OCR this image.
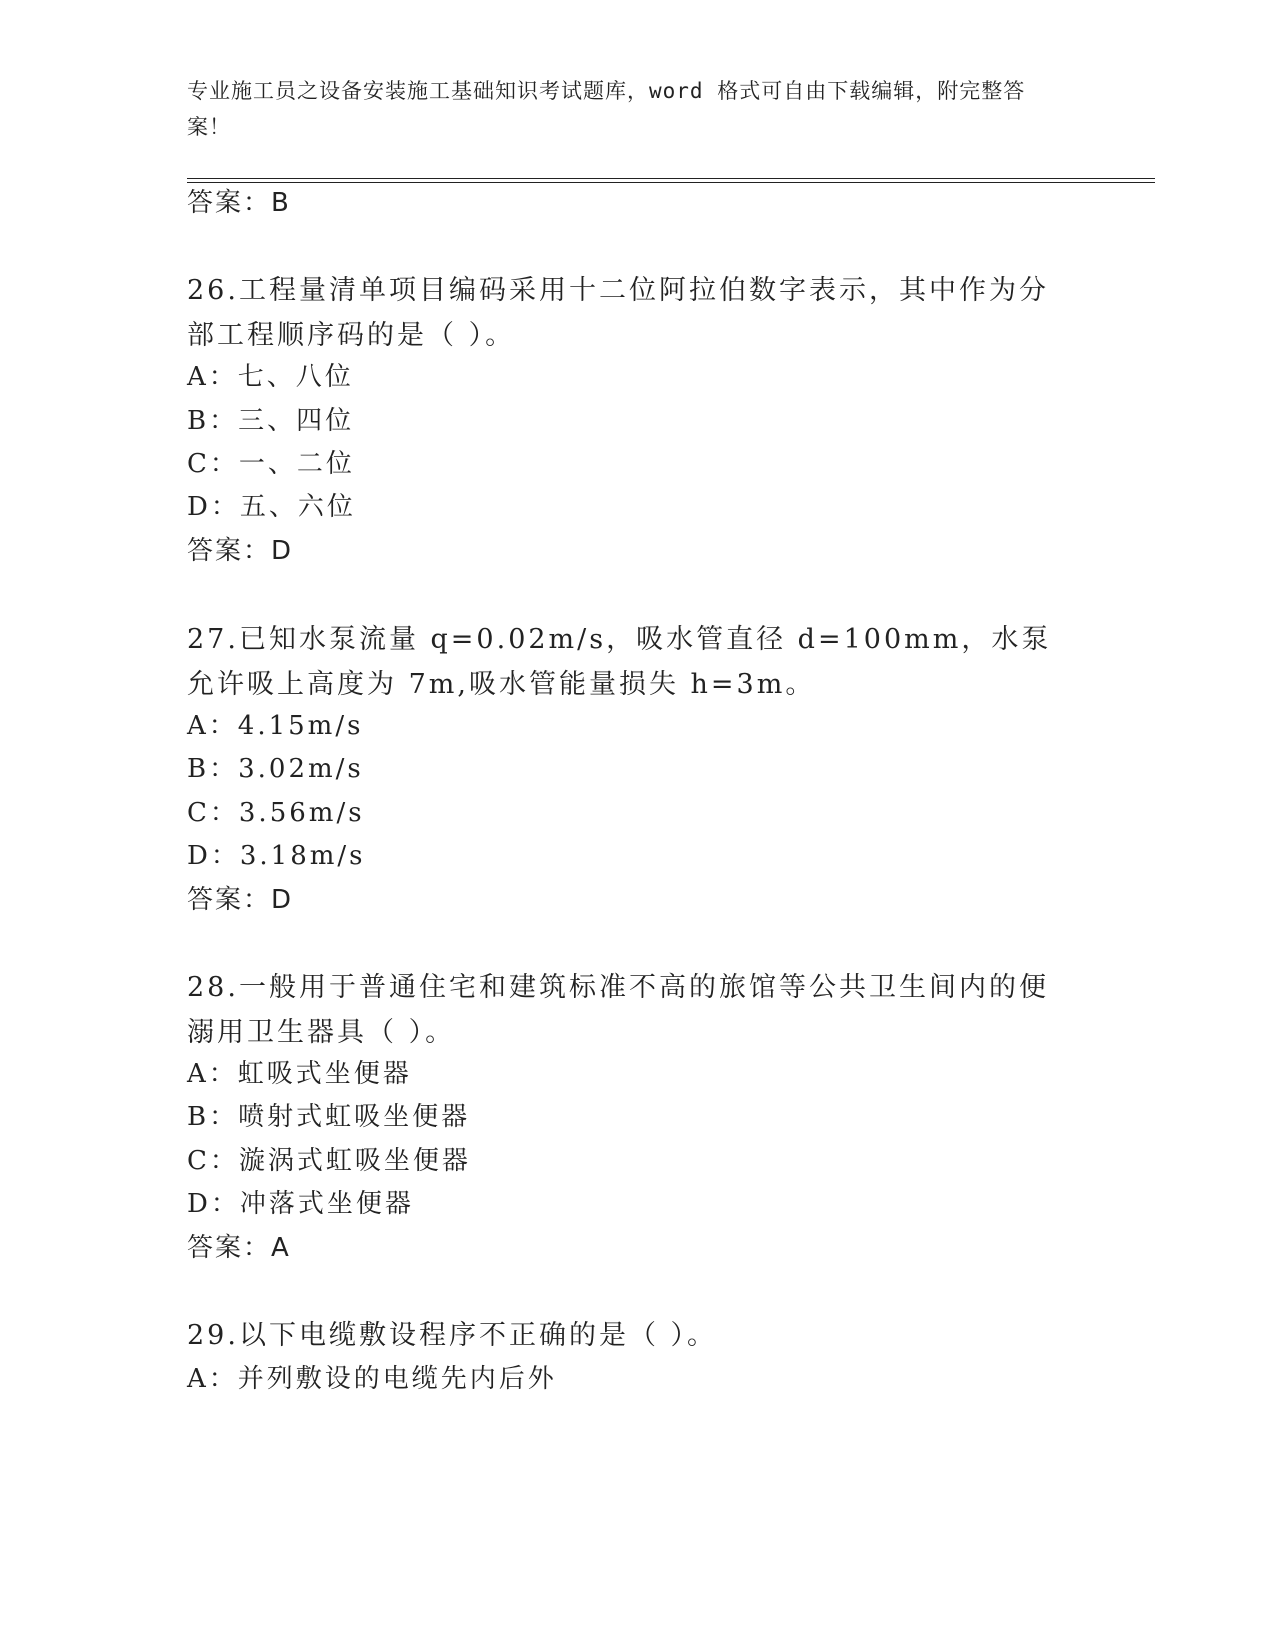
专业施工员之设备安装施工基础知识考试题库，word 格式可自由下载编辑，附完整答案！
答案：B
26.工程量清单项目编码采用十二位阿拉伯数字表示，其中作为分部工程顺序码的是（ ）。
A：七、八位
B：三、四位
C：一、二位
D：五、六位
答案：D
27.已知水泵流量 q=0.02m/s，吸水管直径 d=100mm，水泵允许吸上高度为 7m,吸水管能量损失 h=3m。
A：4.15m/s
B：3.02m/s
C：3.56m/s
D：3.18m/s
答案：D
28.一般用于普通住宅和建筑标准不高的旅馆等公共卫生间内的便溺用卫生器具（ ）。
A：虹吸式坐便器
B：喷射式虹吸坐便器
C：漩涡式虹吸坐便器
D：冲落式坐便器
答案：A
29.以下电缆敷设程序不正确的是（ ）。
A：并列敷设的电缆先内后外
